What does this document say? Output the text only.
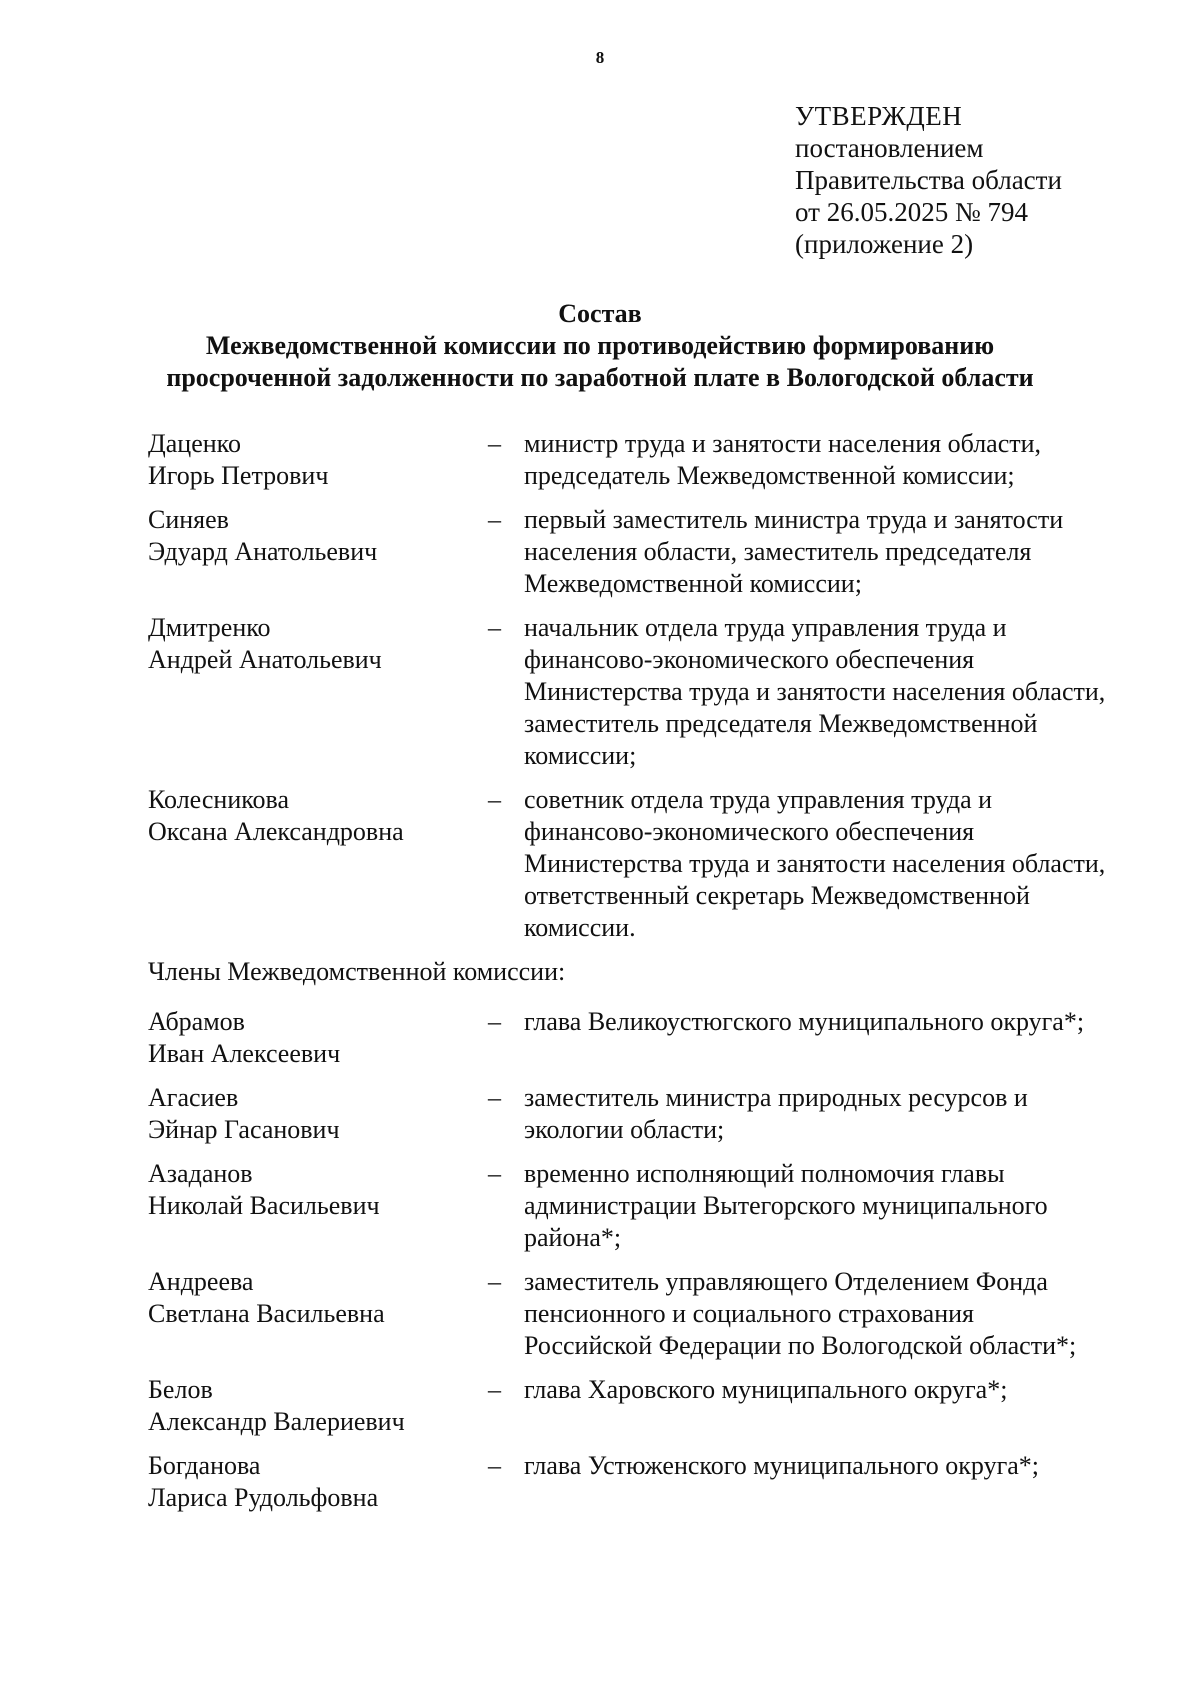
8
УТВЕРЖДЕН
постановлением
Правительства области
от 26.05.2025 № 794
(приложение 2)
Состав
Межведомственной комиссии по противодействию формированию
просроченной задолженности по заработной плате в Вологодской области
Даценко
Игорь Петрович
– министр труда и занятости населения области, председатель Межведомственной комиссии;
Синяев
Эдуард Анатольевич
– первый заместитель министра труда и занятости населения области, заместитель председателя Межведомственной комиссии;
Дмитренко
Андрей Анатольевич
– начальник отдела труда управления труда и финансово-экономического обеспечения Министерства труда и занятости населения области, заместитель председателя Межведомственной комиссии;
Колесникова
Оксана Александровна
– советник отдела труда управления труда и финансово-экономического обеспечения Министерства труда и занятости населения области, ответственный секретарь Межведомственной комиссии.
Члены Межведомственной комиссии:
Абрамов
Иван Алексеевич
– глава Великоустюгского муниципального округа*;
Агасиев
Эйнар Гасанович
– заместитель министра природных ресурсов и экологии области;
Азаданов
Николай Васильевич
– временно исполняющий полномочия главы администрации Вытегорского муниципального района*;
Андреева
Светлана Васильевна
– заместитель управляющего Отделением Фонда пенсионного и социального страхования Российской Федерации по Вологодской области*;
Белов
Александр Валериевич
– глава Харовского муниципального округа*;
Богданова
Лариса Рудольфовна
– глава Устюженского муниципального округа*;
